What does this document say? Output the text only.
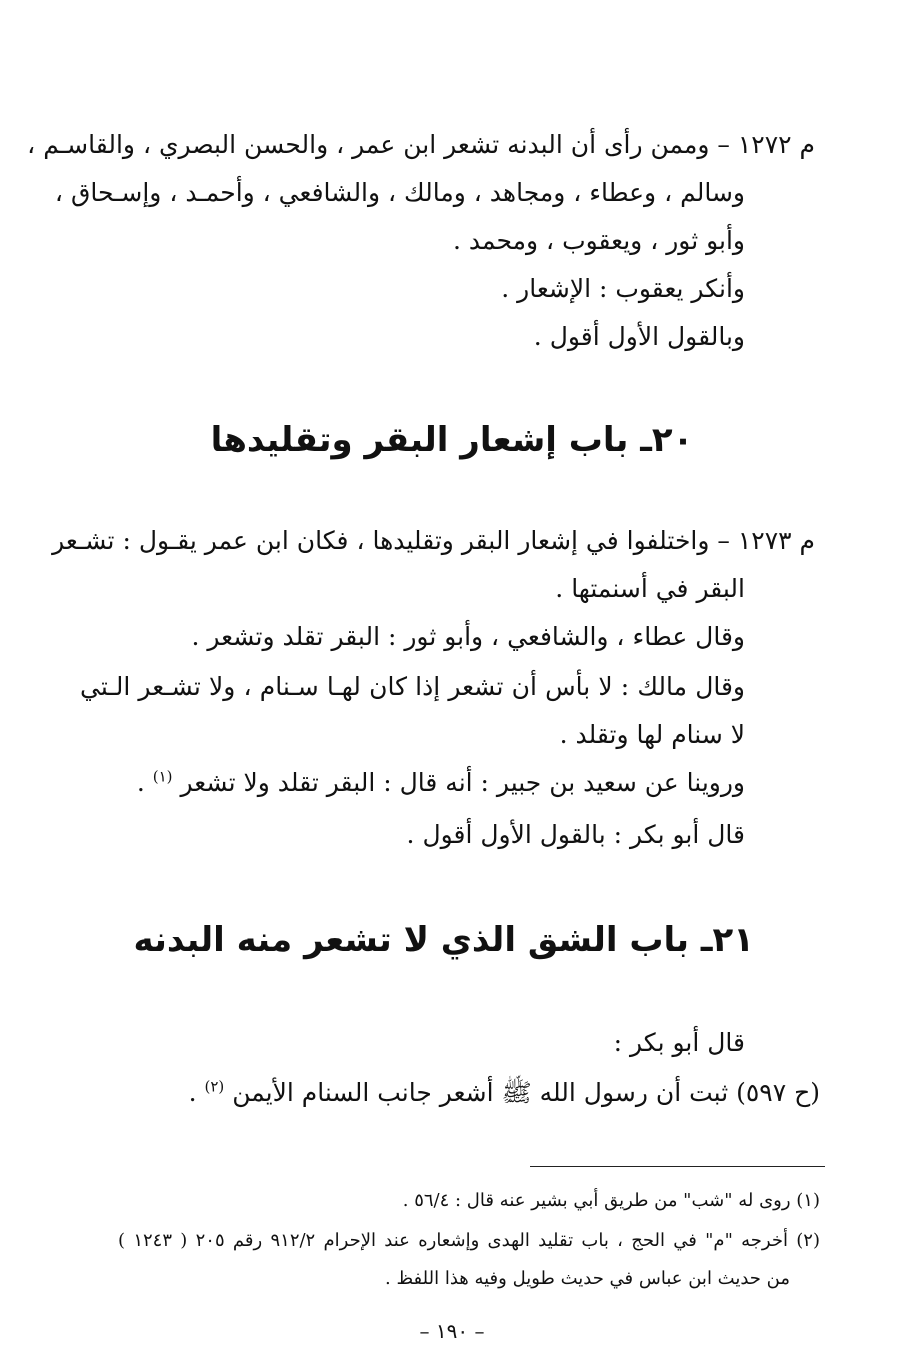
م ١٢٧٢ – وممن رأى أن البدنه تشعر ابن عمر ، والحسن البصري ، والقاسـم ،

وسالم ، وعطاء ، ومجاهد ، ومالك ، والشافعي ، وأحمـد ، وإسـحاق ،

وأبو ثور ، ويعقوب ، ومحمد .

وأنكر يعقوب : الإشعار .

وبالقول الأول أقول .

٢٠ـ باب إشعار البقر وتقليدها

م ١٢٧٣ – واختلفوا في إشعار البقر وتقليدها ، فكان ابن عمر يقـول : تشـعر

البقر في أسنمتها .

وقال عطاء ، والشافعي ، وأبو ثور : البقر تقلد وتشعر .

وقال مالك : لا بأس أن تشعر إذا كان لهـا سـنام ، ولا تشـعر الـتي

لا سنام لها وتقلد .

وروينا عن سعيد بن جبير : أنه قال : البقر تقلد ولا تشعر $^{(١)}$ .

قال أبو بكر : بالقول الأول أقول .

٢١ـ باب الشق الذي لا تشعر منه البدنه

قال أبو بكر :

(ح ٥٩٧) ثبت أن رسول الله ﷺ أشعر جانب السنام الأيمن $^{(٢)}$ .

(١) روى له "شب" من طريق أبي بشير عنه قال : ٥٦/٤ .

(٢) أخرجه "م" في الحج ، باب تقليد الهدى وإشعاره عند الإحرام ٩١٢/٢ رقم ٢٠٥ ( ١٢٤٣ )

من حديث ابن عباس في حديث طويل وفيه هذا اللفظ .

– ١٩٠ –
